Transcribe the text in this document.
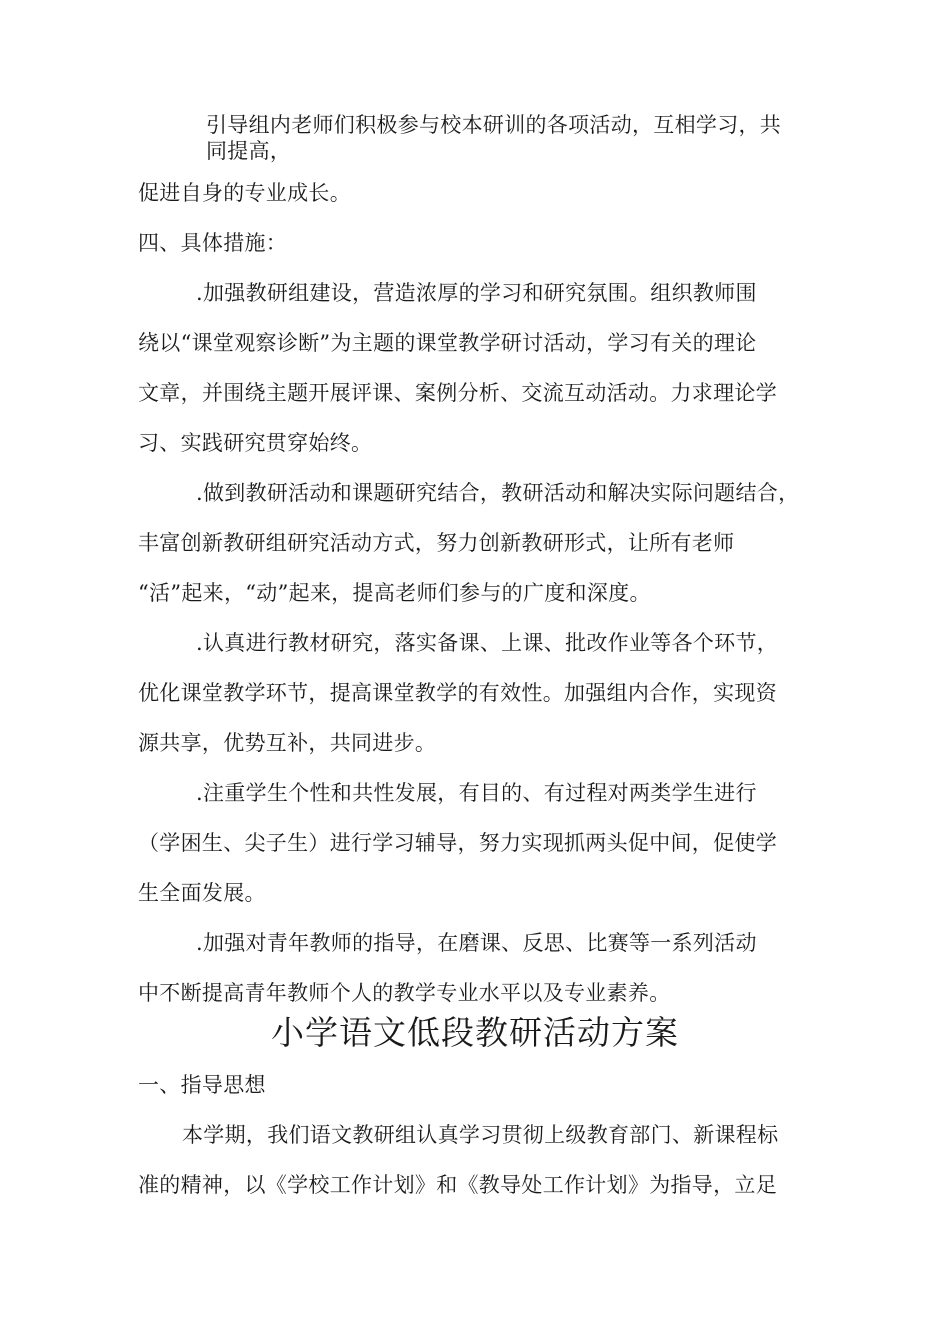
引导组内老师们积极参与校本研训的各项活动，互相学习，共
同提高，
促进自身的专业成长。
四、具体措施：
.加强教研组建设，营造浓厚的学习和研究氛围。组织教师围
绕以“课堂观察诊断”为主题的课堂教学研讨活动，学习有关的理论
文章，并围绕主题开展评课、案例分析、交流互动活动。力求理论学
习、实践研究贯穿始终。
.做到教研活动和课题研究结合，教研活动和解决实际问题结合，
丰富创新教研组研究活动方式，努力创新教研形式，让所有老师
“活”起来，“动”起来，提高老师们参与的广度和深度。
.认真进行教材研究，落实备课、上课、批改作业等各个环节，
优化课堂教学环节，提高课堂教学的有效性。加强组内合作，实现资
源共享，优势互补，共同进步。
.注重学生个性和共性发展，有目的、有过程对两类学生进行
（学困生、尖子生）进行学习辅导，努力实现抓两头促中间，促使学
生全面发展。
.加强对青年教师的指导，在磨课、反思、比赛等一系列活动
中不断提高青年教师个人的教学专业水平以及专业素养。
小学语文低段教研活动方案
一、指导思想
本学期，我们语文教研组认真学习贯彻上级教育部门、新课程标
准的精神，以《学校工作计划》和《教导处工作计划》为指导，立足
